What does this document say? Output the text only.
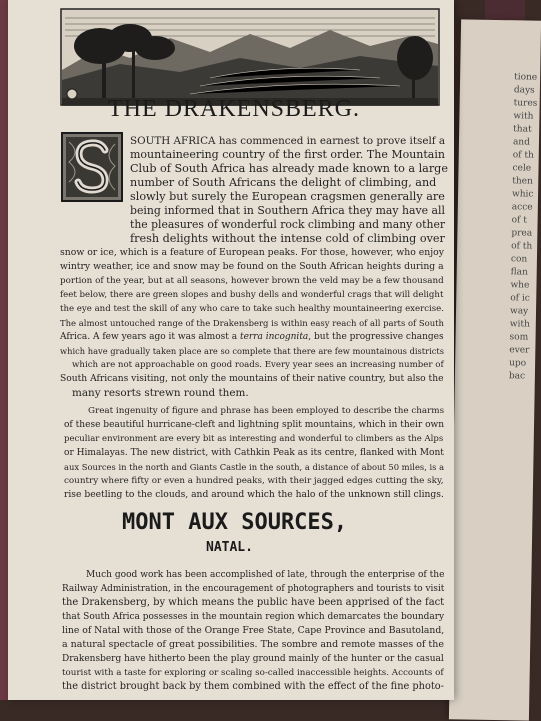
tione
days
tures
with
that
and
of th
cele
then
whic
acce
of t
prea
of th
con
flan
whe
of ic
way
with
som
ever
upo
bac
THE DRAKENSBERG.
SOUTH AFRICA has commenced in earnest to prove itself a
mountaineering country of the first order. The Mountain
Club of South Africa has already made known to a large
number of South Africans the delight of climbing, and
slowly but surely the European cragsmen generally are
being informed that in Southern Africa they may have all
the pleasures of wonderful rock climbing and many other
fresh delights without the intense cold of climbing over
snow or ice, which is a feature of European peaks. For those, however, who enjoy
wintry weather, ice and snow may be found on the South African heights during a
portion of the year, but at all seasons, however brown the veld may be a few thousand
feet below, there are green slopes and bushy dells and wonderful crags that will delight
the eye and test the skill of any who care to take such healthy mountaineering exercise.
The almost untouched range of the Drakensberg is within easy reach of all parts of South
Africa. A few years ago it was almost a terra incognita, but the progressive changes
which have gradually taken place are so complete that there are few mountainous districts
which are not approachable on good roads. Every year sees an increasing number of
South Africans visiting, not only the mountains of their native country, but also the
many resorts strewn round them.
Great ingenuity of figure and phrase has been employed to describe the charms
of these beautiful hurricane-cleft and lightning split mountains, which in their own
peculiar environment are every bit as interesting and wonderful to climbers as the Alps
or Himalayas. The new district, with Cathkin Peak as its centre, flanked with Mont
aux Sources in the north and Giants Castle in the south, a distance of about 50 miles, is a
country where fifty or even a hundred peaks, with their jagged edges cutting the sky,
rise beetling to the clouds, and around which the halo of the unknown still clings.
MONT AUX SOURCES,
NATAL.
Much good work has been accomplished of late, through the enterprise of the
Railway Administration, in the encouragement of photographers and tourists to visit
the Drakensberg, by which means the public have been apprised of the fact
that South Africa possesses in the mountain region which demarcates the boundary
line of Natal with those of the Orange Free State, Cape Province and Basutoland,
a natural spectacle of great possibilities. The sombre and remote masses of the
Drakensberg have hitherto been the play ground mainly of the hunter or the casual
tourist with a taste for exploring or scaling so-called inaccessible heights. Accounts of
the district brought back by them combined with the effect of the fine photo-
